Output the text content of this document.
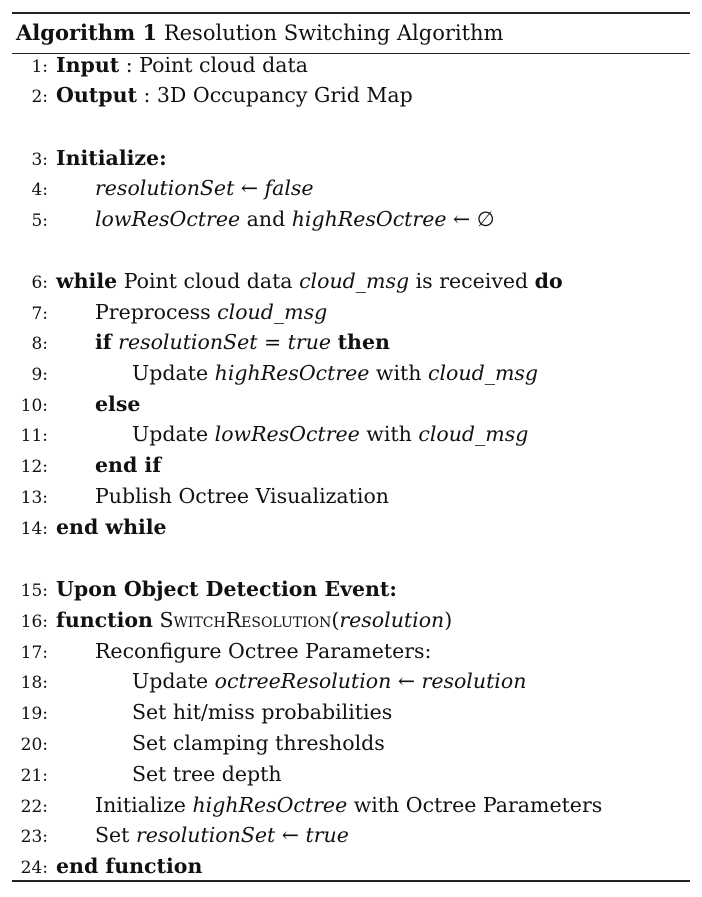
Algorithm 1 Resolution Switching Algorithm
1: Input : Point cloud data
2: Output : 3D Occupancy Grid Map
3: Initialize:
4: resolutionSet ← false
5: lowResOctree and highResOctree ← ∅
6: while Point cloud data cloud_msg is received do
7: Preprocess cloud_msg
8: if resolutionSet = true then
9:	Update highResOctree with cloud_msg
10: else
11:	Update lowResOctree with cloud_msg
12: end if
13: Publish Octree Visualization
14: end while
15: Upon Object Detection Event:
16: function SwitchResolution(resolution)
17: Reconfigure Octree Parameters:
18:	Update octreeResolution ← resolution
19:	Set hit/miss probabilities
20:	Set clamping thresholds
21:	Set tree depth
22: Initialize highResOctree with Octree Parameters
23: Set resolutionSet ← true
24: end function
